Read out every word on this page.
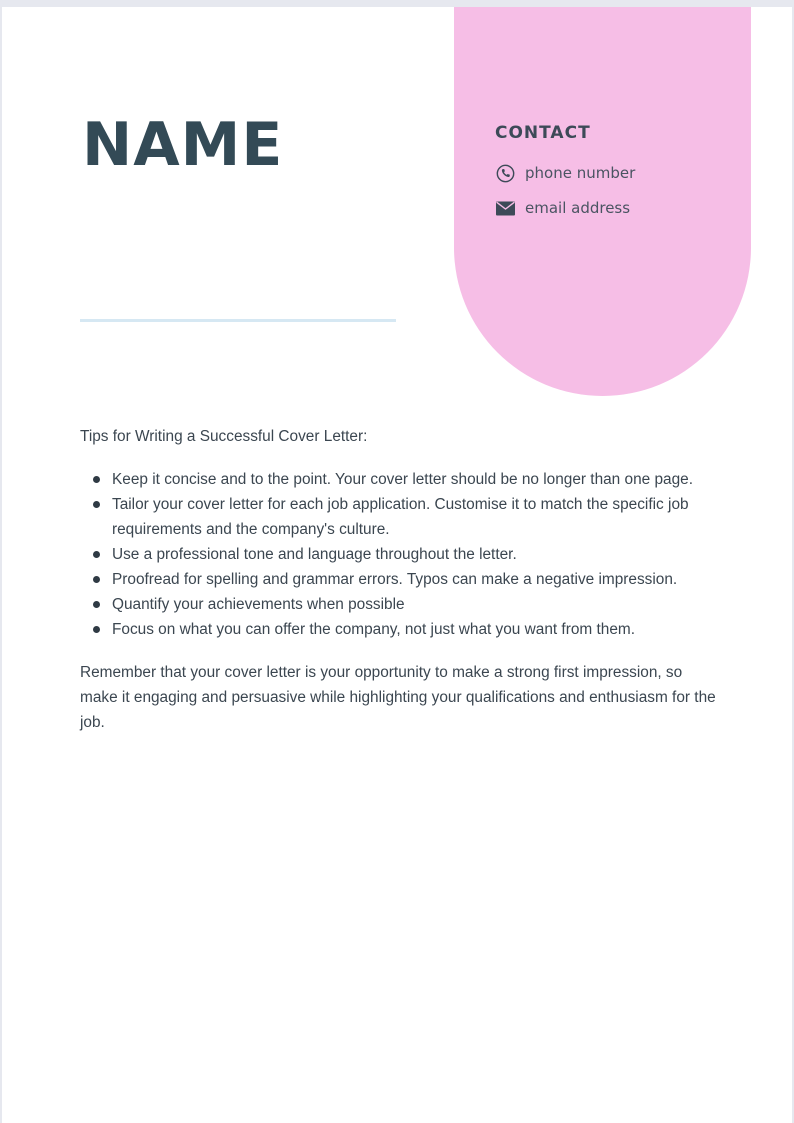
CONTACT
phone number
email address
NAME

Tips for Writing a Successful Cover Letter:

Keep it concise and to the point. Your cover letter should be no longer than one page.
Tailor your cover letter for each job application. Customise it to match the specific job requirements and the company's culture.
Use a professional tone and language throughout the letter.
Proofread for spelling and grammar errors. Typos can make a negative impression.
Quantify your achievements when possible
Focus on what you can offer the company, not just what you want from them.

Remember that your cover letter is your opportunity to make a strong first impression, so make it engaging and persuasive while highlighting your qualifications and enthusiasm for the job.
